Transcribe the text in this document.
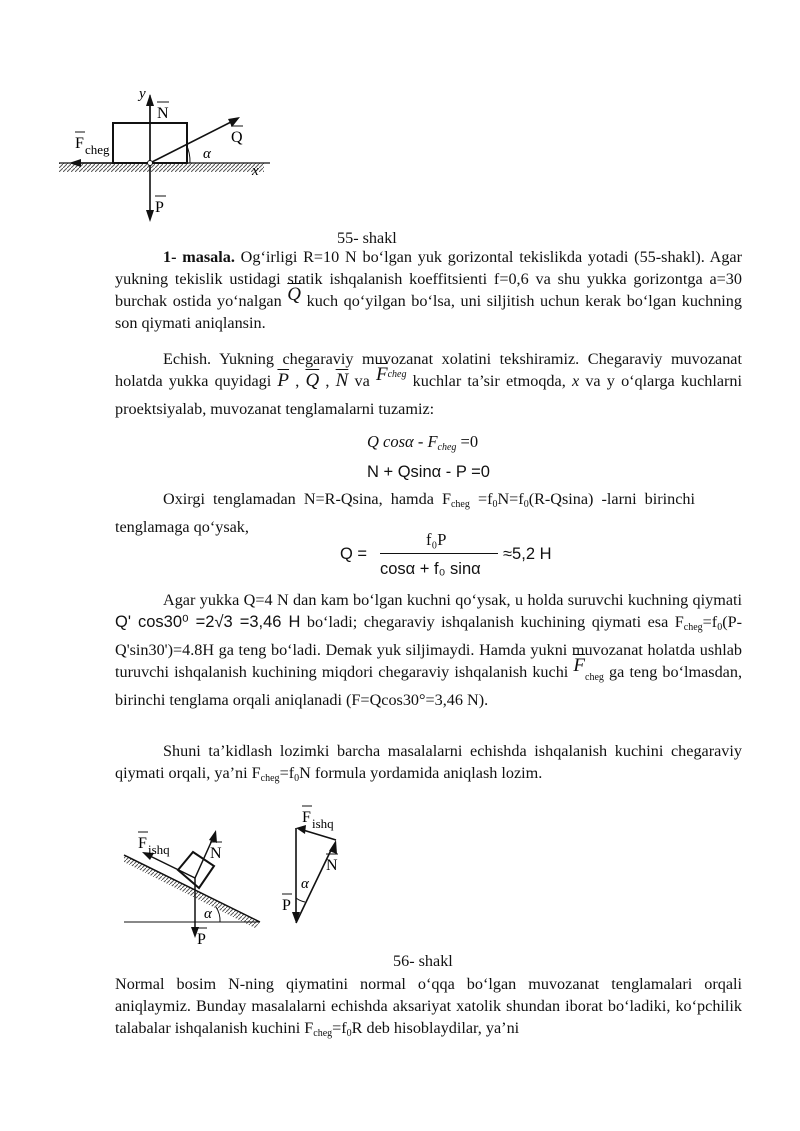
y
N
Q
F cheg	α
x
P
55- shakl

1- masala. Og‘irligi R=10 N bo‘lgan yuk gorizontal tekislikda yotadi (55-shakl). Agar yukning tekislik ustidagi statik ishqalanish koeffitsienti f=0,6 va shu yukka gorizontga a=30 burchak ostida yo‘nalgan $\overline{Q}$ kuch qo‘yilgan bo‘lsa, uni siljitish uchun kerak bo‘lgan kuchning son qiymati aniqlansin.

Echish. Yukning chegaraviy muvozanat xolatini tekshiramiz. Chegaraviy muvozanat holatda yukka quyidagi $\overline{P}$ , $\overline{Q}$ , $\overline{N}$ va $\overline{F}_{cheg}$ kuchlar ta’sir etmoqda, x va y o‘qlarga kuchlarni proektsiyalab, muvozanat tenglamalarni tuzamiz:

Q $\cos\alpha - F_{cheg} =0$
N + Qsinα - P =0

Oxirgi tenglamadan N=R-Qsina, hamda $F_{cheg} =f_0N=f_0(R-Qsina)$ -larni birinchi tenglamaga qo‘ysak,

Q =
f₀P
cosα + f₀ sinα
≈5,2 H

Agar yukka Q=4 N dan kam bo‘lgan kuchni qo‘ysak, u holda suruvchi kuchning qiymati Q' cos30⁰ =2√3 =3,46 H bo‘ladi; chegaraviy ishqalanish kuchining qiymati esa $F_{cheg}=f_0(P-Q'\sin 30')=4.8H$ ga teng bo‘ladi. Demak yuk siljimaydi. Hamda yukni muvozanat holatda ushlab turuvchi ishqalanish kuchining miqdori chegaraviy ishqalanish kuchi $\overline{F}_{cheg}$ ga teng bo‘lmasdan, birinchi tenglama orqali aniqlanadi (F=Qcos30°=3,46 N).

Shuni ta’kidlash lozimki barcha masalalarni echishda ishqalanish kuchini chegaraviy qiymati orqali, ya’ni $F_{cheg}=f_0N$ formula yordamida aniqlash lozim.

F ishq	N
α
P
F ishq
N
α
P
56- shakl

Normal bosim N-ning qiymatini normal o‘qqa bo‘lgan muvozanat tenglamalari orqali aniqlaymiz. Bunday masalalarni echishda aksariyat xatolik shundan iborat bo‘ladiki, ko‘pchilik talabalar ishqalanish kuchini $F_{cheg}=f_0R$ deb hisoblaydilar, ya’ni
